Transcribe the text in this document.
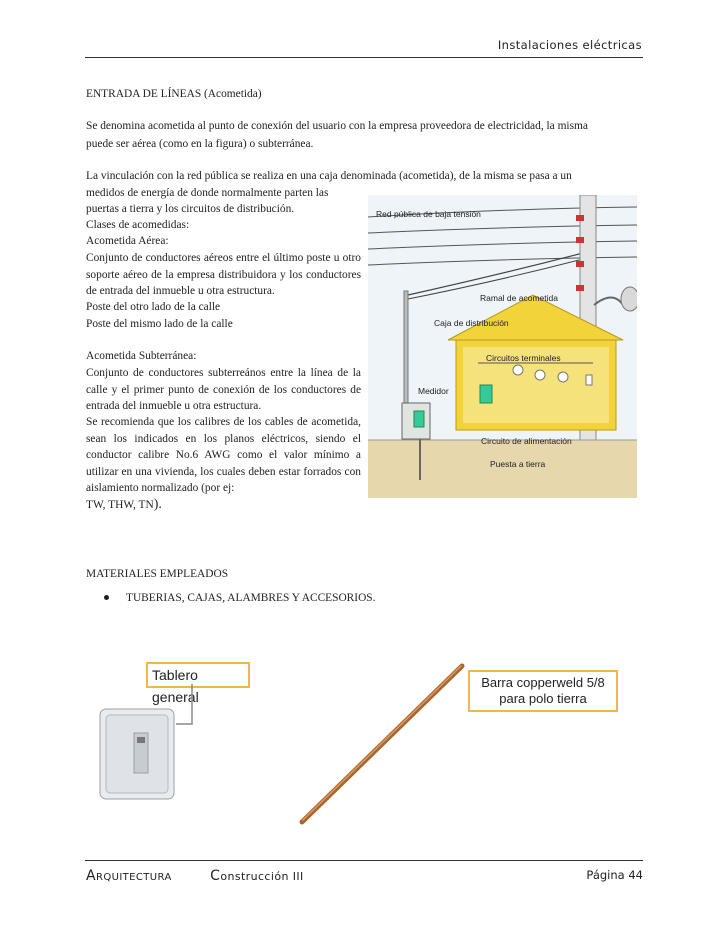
Instalaciones eléctricas
ENTRADA DE LÍNEAS (Acometida)
Se denomina acometida al punto de conexión del usuario con la empresa proveedora de electricidad, la misma
puede ser aérea (como en la figura) o subterránea.
La vinculación con la red pública se realiza en una caja denominada (acometida), de la misma se pasa a un
medidos de energía de donde normalmente parten las
puertas a tierra y los circuitos de distribución.
Clases de acomedidas:
Acometida Aérea:
Conjunto de conductores aéreos entre el último poste u otro soporte aéreo de la empresa distribuidora y los conductores de entrada del inmueble u otra estructura.
Poste del otro lado de la calle
Poste del mismo lado de la calle
Acometida Subterránea:
Conjunto de conductores subterreános entre la línea de la calle y el primer punto de conexión de los conductores de entrada del inmueble u otra estructura.
Se recomienda que los calibres de los cables de acometida, sean los indicados en los planos eléctricos, siendo el conductor calibre No.6 AWG como el valor mínimo a utilizar en una vivienda, los cuales deben estar forrados con aislamiento normalizado (por ej:
TW, THW, TN).
Red pública de baja tensión
Ramal de acometida
Caja de distribución
Circuitos terminales
Medidor
Circuito de alimentación
Puesta a tierra
MATERIALES EMPLEADOS
TUBERIAS, CAJAS, ALAMBRES Y ACCESORIOS.
Tablero general
Barra copperweld 5/8
para polo tierra
ARQUITECTURA	Construcción III	Página 44
